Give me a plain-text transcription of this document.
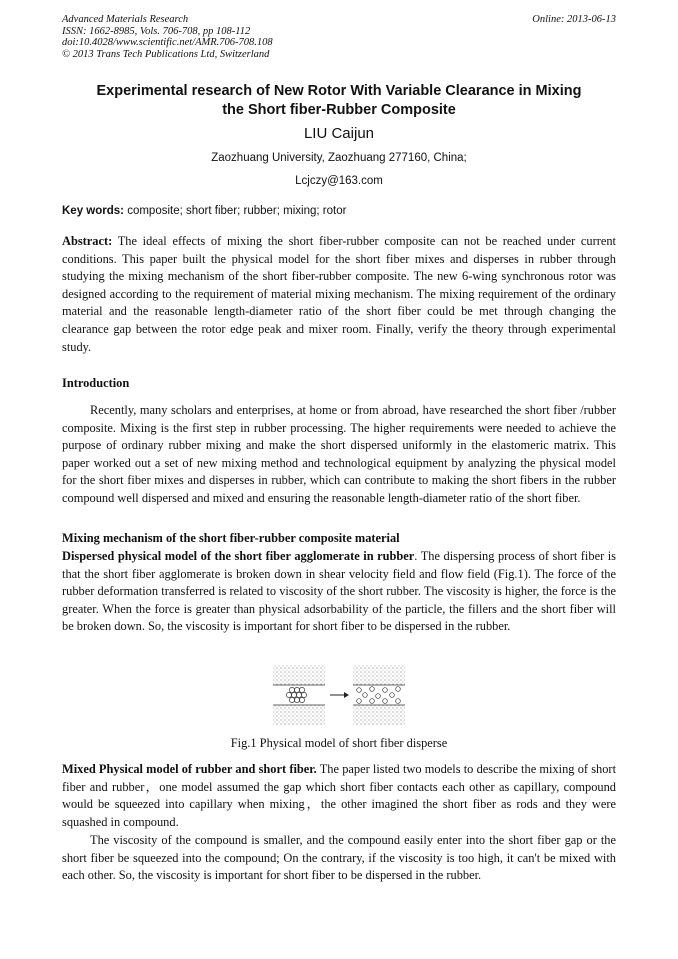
Advanced Materials Research
ISSN: 1662-8985, Vols. 706-708, pp 108-112
doi:10.4028/www.scientific.net/AMR.706-708.108
© 2013 Trans Tech Publications Ltd, Switzerland
Online: 2013-06-13
Experimental research of New Rotor With Variable Clearance in Mixing
the Short fiber-Rubber Composite
LIU Caijun
Zaozhuang University, Zaozhuang 277160, China;
Lcjczy@163.com
Key words: composite; short fiber; rubber; mixing; rotor
Abstract: The ideal effects of mixing the short fiber-rubber composite can not be reached under current conditions. This paper built the physical model for the short fiber mixes and disperses in rubber through studying the mixing mechanism of the short fiber-rubber composite. The new 6-wing synchronous rotor was designed according to the requirement of material mixing mechanism. The mixing requirement of the ordinary material and the reasonable length-diameter ratio of the short fiber could be met through changing the clearance gap between the rotor edge peak and mixer room. Finally, verify the theory through experimental study.
Introduction
Recently, many scholars and enterprises, at home or from abroad, have researched the short fiber /rubber composite. Mixing is the first step in rubber processing. The higher requirements were needed to achieve the purpose of ordinary rubber mixing and make the short dispersed uniformly in the elastomeric matrix. This paper worked out a set of new mixing method and technological equipment by analyzing the physical model for the short fiber mixes and disperses in rubber, which can contribute to making the short fibers in the rubber compound well dispersed and mixed and ensuring the reasonable length-diameter ratio of the short fiber.
Mixing mechanism of the short fiber-rubber composite material
Dispersed physical model of the short fiber agglomerate in rubber. The dispersing process of short fiber is that the short fiber agglomerate is broken down in shear velocity field and flow field (Fig.1). The force of the rubber deformation transferred is related to viscosity of the short rubber. The viscosity is higher, the force is the greater. When the force is greater than physical adsorbability of the particle, the fillers and the short fiber will be broken down. So, the viscosity is important for short fiber to be dispersed in the rubber.
Fig.1 Physical model of short fiber disperse
Mixed Physical model of rubber and short fiber. The paper listed two models to describe the mixing of short fiber and rubber，one model assumed the gap which short fiber contacts each other as capillary, compound would be squeezed into capillary when mixing，the other imagined the short fiber as rods and they were squashed in compound.
The viscosity of the compound is smaller, and the compound easily enter into the short fiber gap or the short fiber be squeezed into the compound; On the contrary, if the viscosity is too high, it can't be mixed with each other. So, the viscosity is important for short fiber to be dispersed in the rubber.
